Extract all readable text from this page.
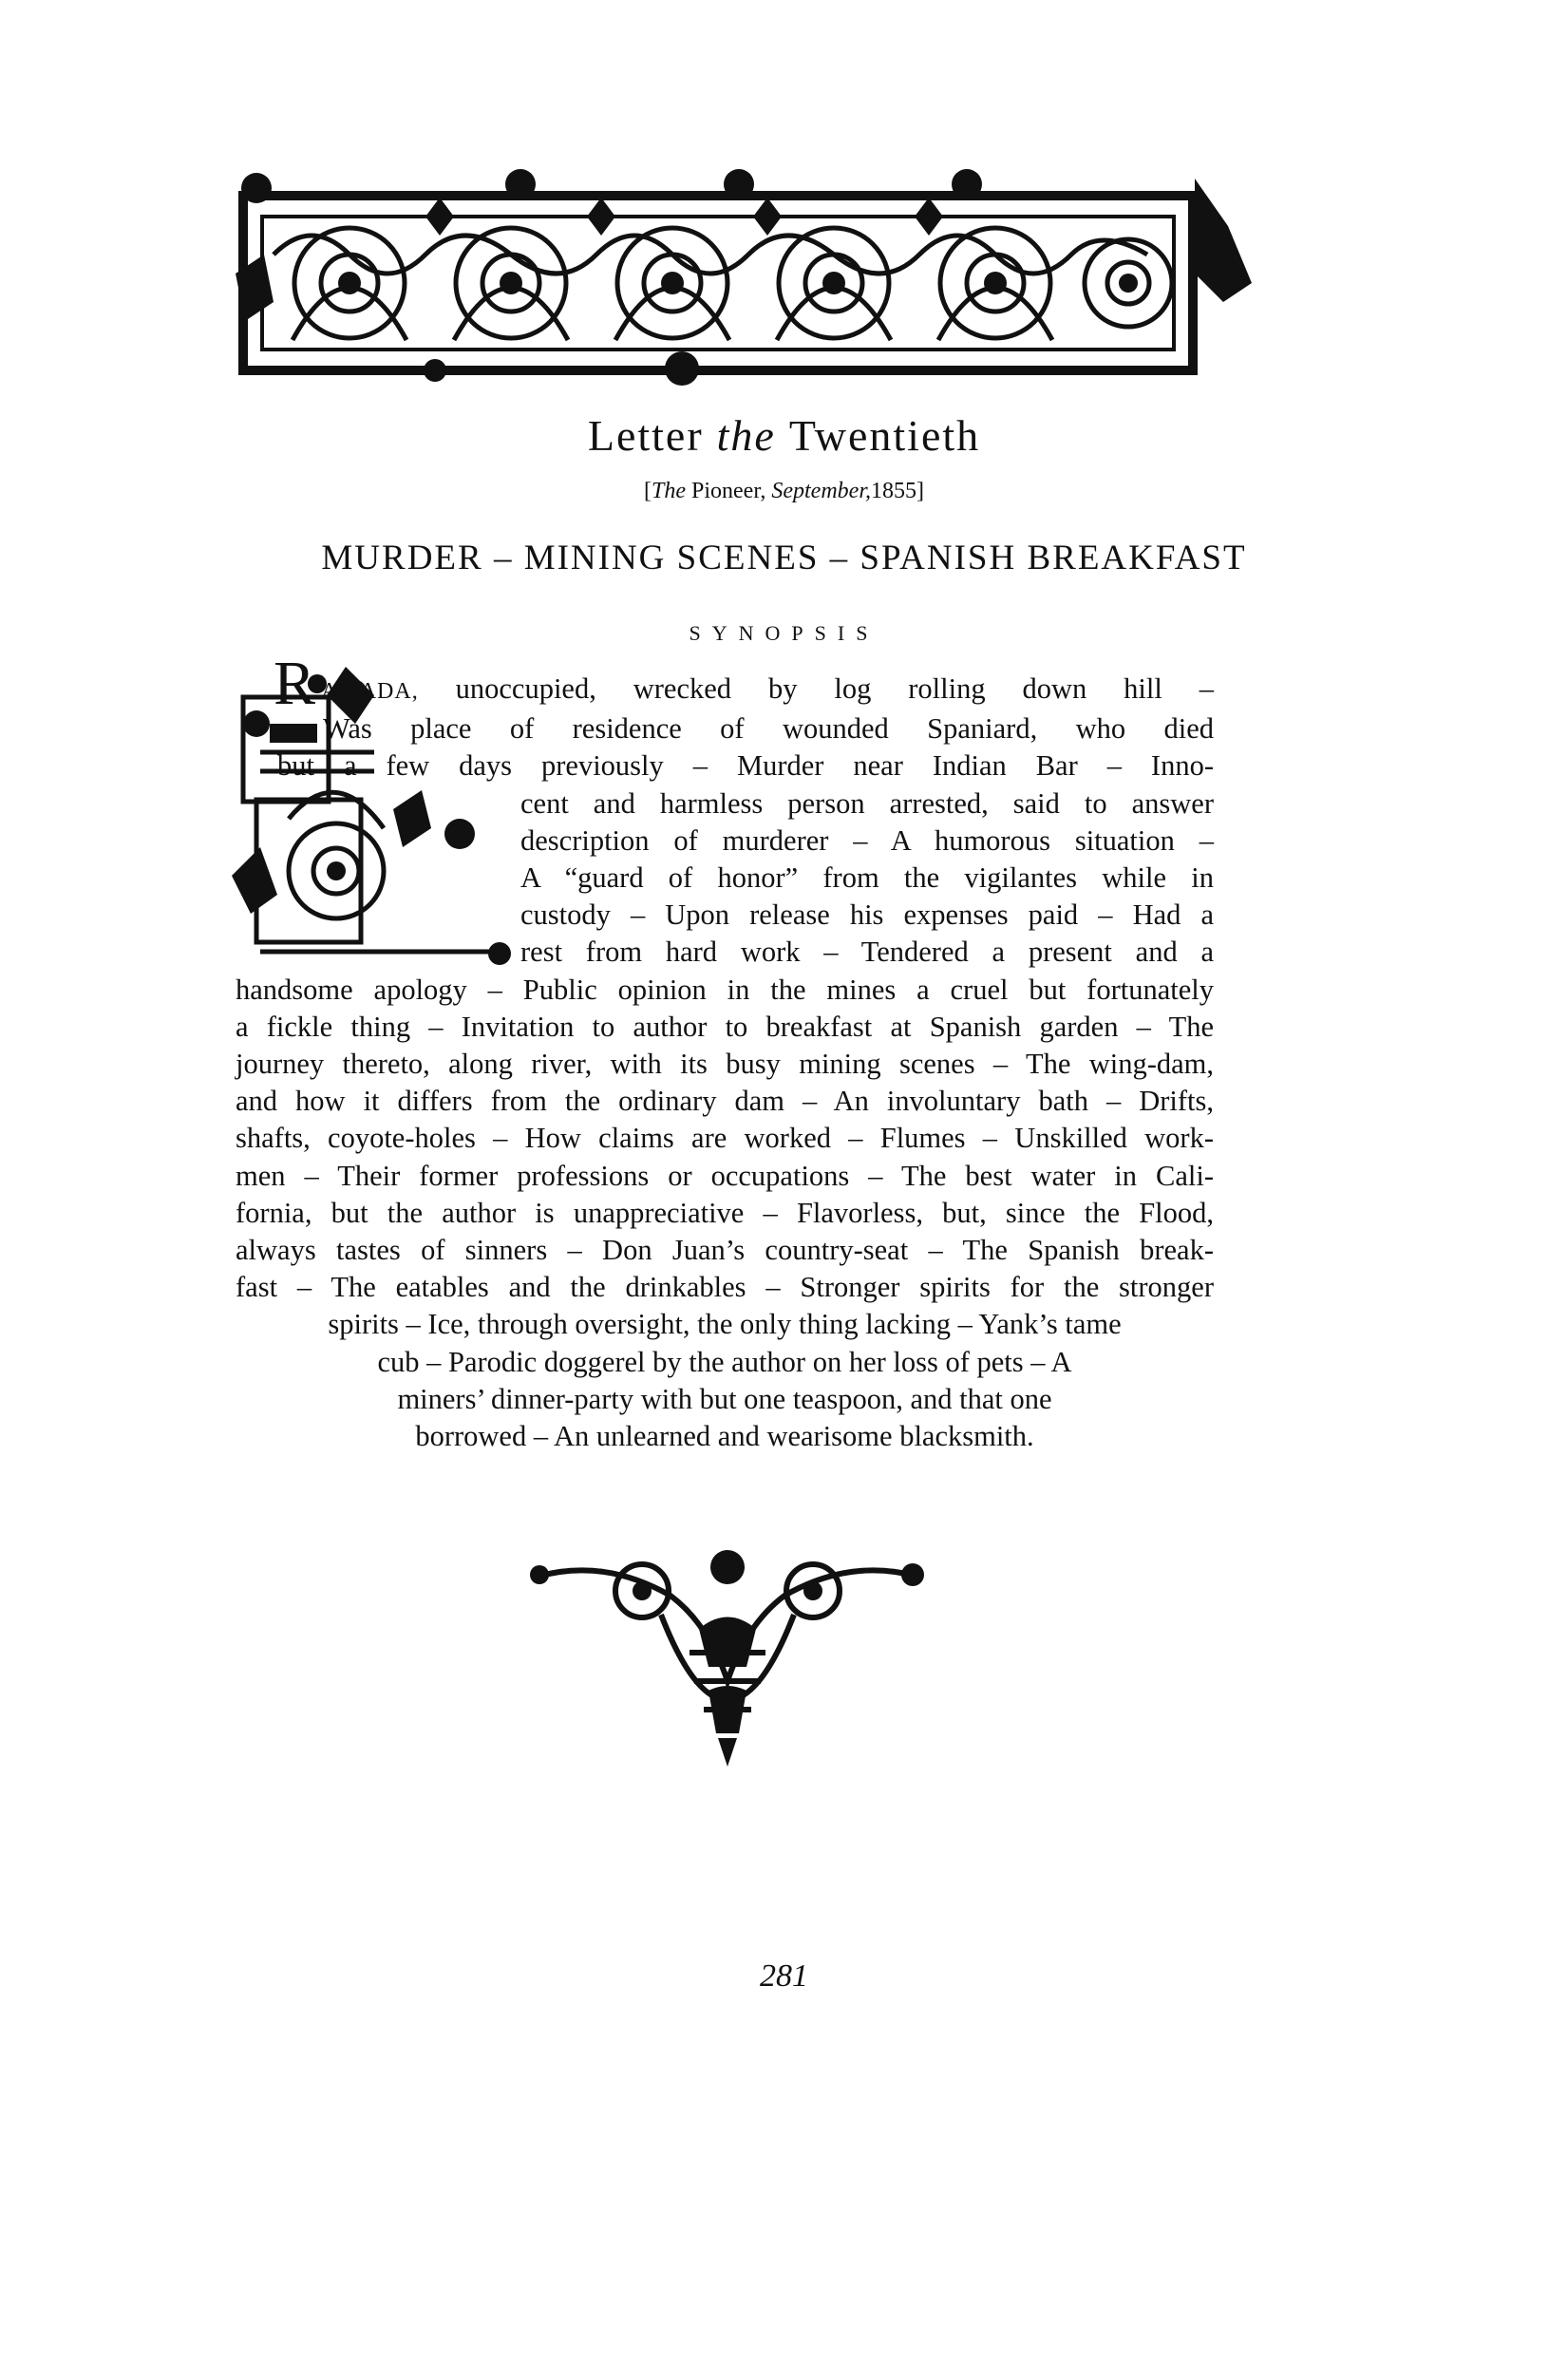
Letter the Twentieth
[The Pioneer, September,1855]
MURDER – MINING SCENES – SPANISH BREAKFAST
SYNOPSIS
RAMADA, unoccupied, wrecked by log rolling down hill –
Was place of residence of wounded Spaniard, who died
but a few days previously – Murder near Indian Bar – Inno-
cent and harmless person arrested, said to answer
description of murderer – A humorous situation –
A “guard of honor” from the vigilantes while in
custody – Upon release his expenses paid – Had a
rest from hard work – Tendered a present and a
handsome apology – Public opinion in the mines a cruel but fortunately
a fickle thing – Invitation to author to breakfast at Spanish garden – The
journey thereto, along river, with its busy mining scenes – The wing-dam,
and how it differs from the ordinary dam – An involuntary bath – Drifts,
shafts, coyote-holes – How claims are worked – Flumes – Unskilled work-
men – Their former professions or occupations – The best water in Cali-
fornia, but the author is unappreciative – Flavorless, but, since the Flood,
always tastes of sinners – Don Juan’s country-seat – The Spanish break-
fast – The eatables and the drinkables – Stronger spirits for the stronger
spirits – Ice, through oversight, the only thing lacking – Yank’s tame
cub – Parodic doggerel by the author on her loss of pets – A
miners’ dinner-party with but one teaspoon, and that one
borrowed – An unlearned and wearisome blacksmith.
281
